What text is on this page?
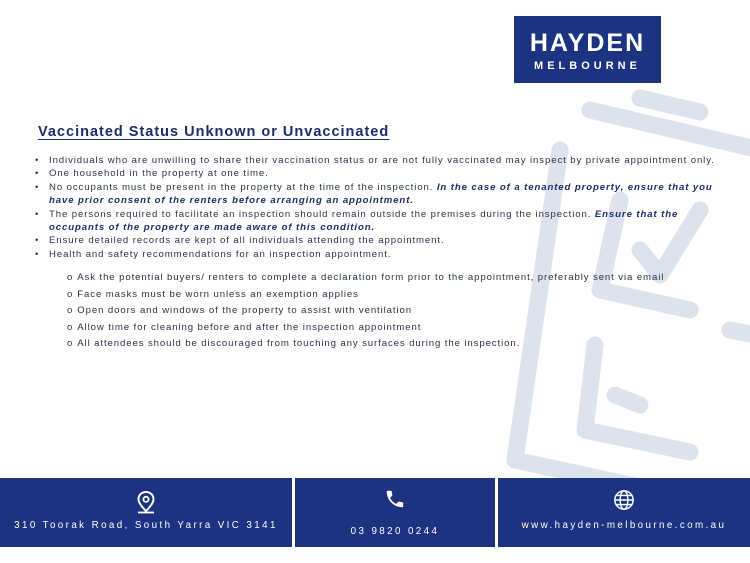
HAYDEN
MELBOURNE
Vaccinated Status Unknown or Unvaccinated
• Individuals who are unwilling to share their vaccination status or are not fully vaccinated may inspect by private appointment only.
• One household in the property at one time.
• No occupants must be present in the property at the time of the inspection. In the case of a tenanted property, ensure that you have prior consent of the renters before arranging an appointment.
• The persons required to facilitate an inspection should remain outside the premises during the inspection. Ensure that the occupants of the property are made aware of this condition.
• Ensure detailed records are kept of all individuals attending the appointment.
• Health and safety recommendations for an inspection appointment.
o Ask the potential buyers/ renters to complete a declaration form prior to the appointment, preferably sent via email
o Face masks must be worn unless an exemption applies
o Open doors and windows of the property to assist with ventilation
o Allow time for cleaning before and after the inspection appointment
o All attendees should be discouraged from touching any surfaces during the inspection.
310 Toorak Road, South Yarra VIC 3141
03 9820 0244
www.hayden-melbourne.com.au
